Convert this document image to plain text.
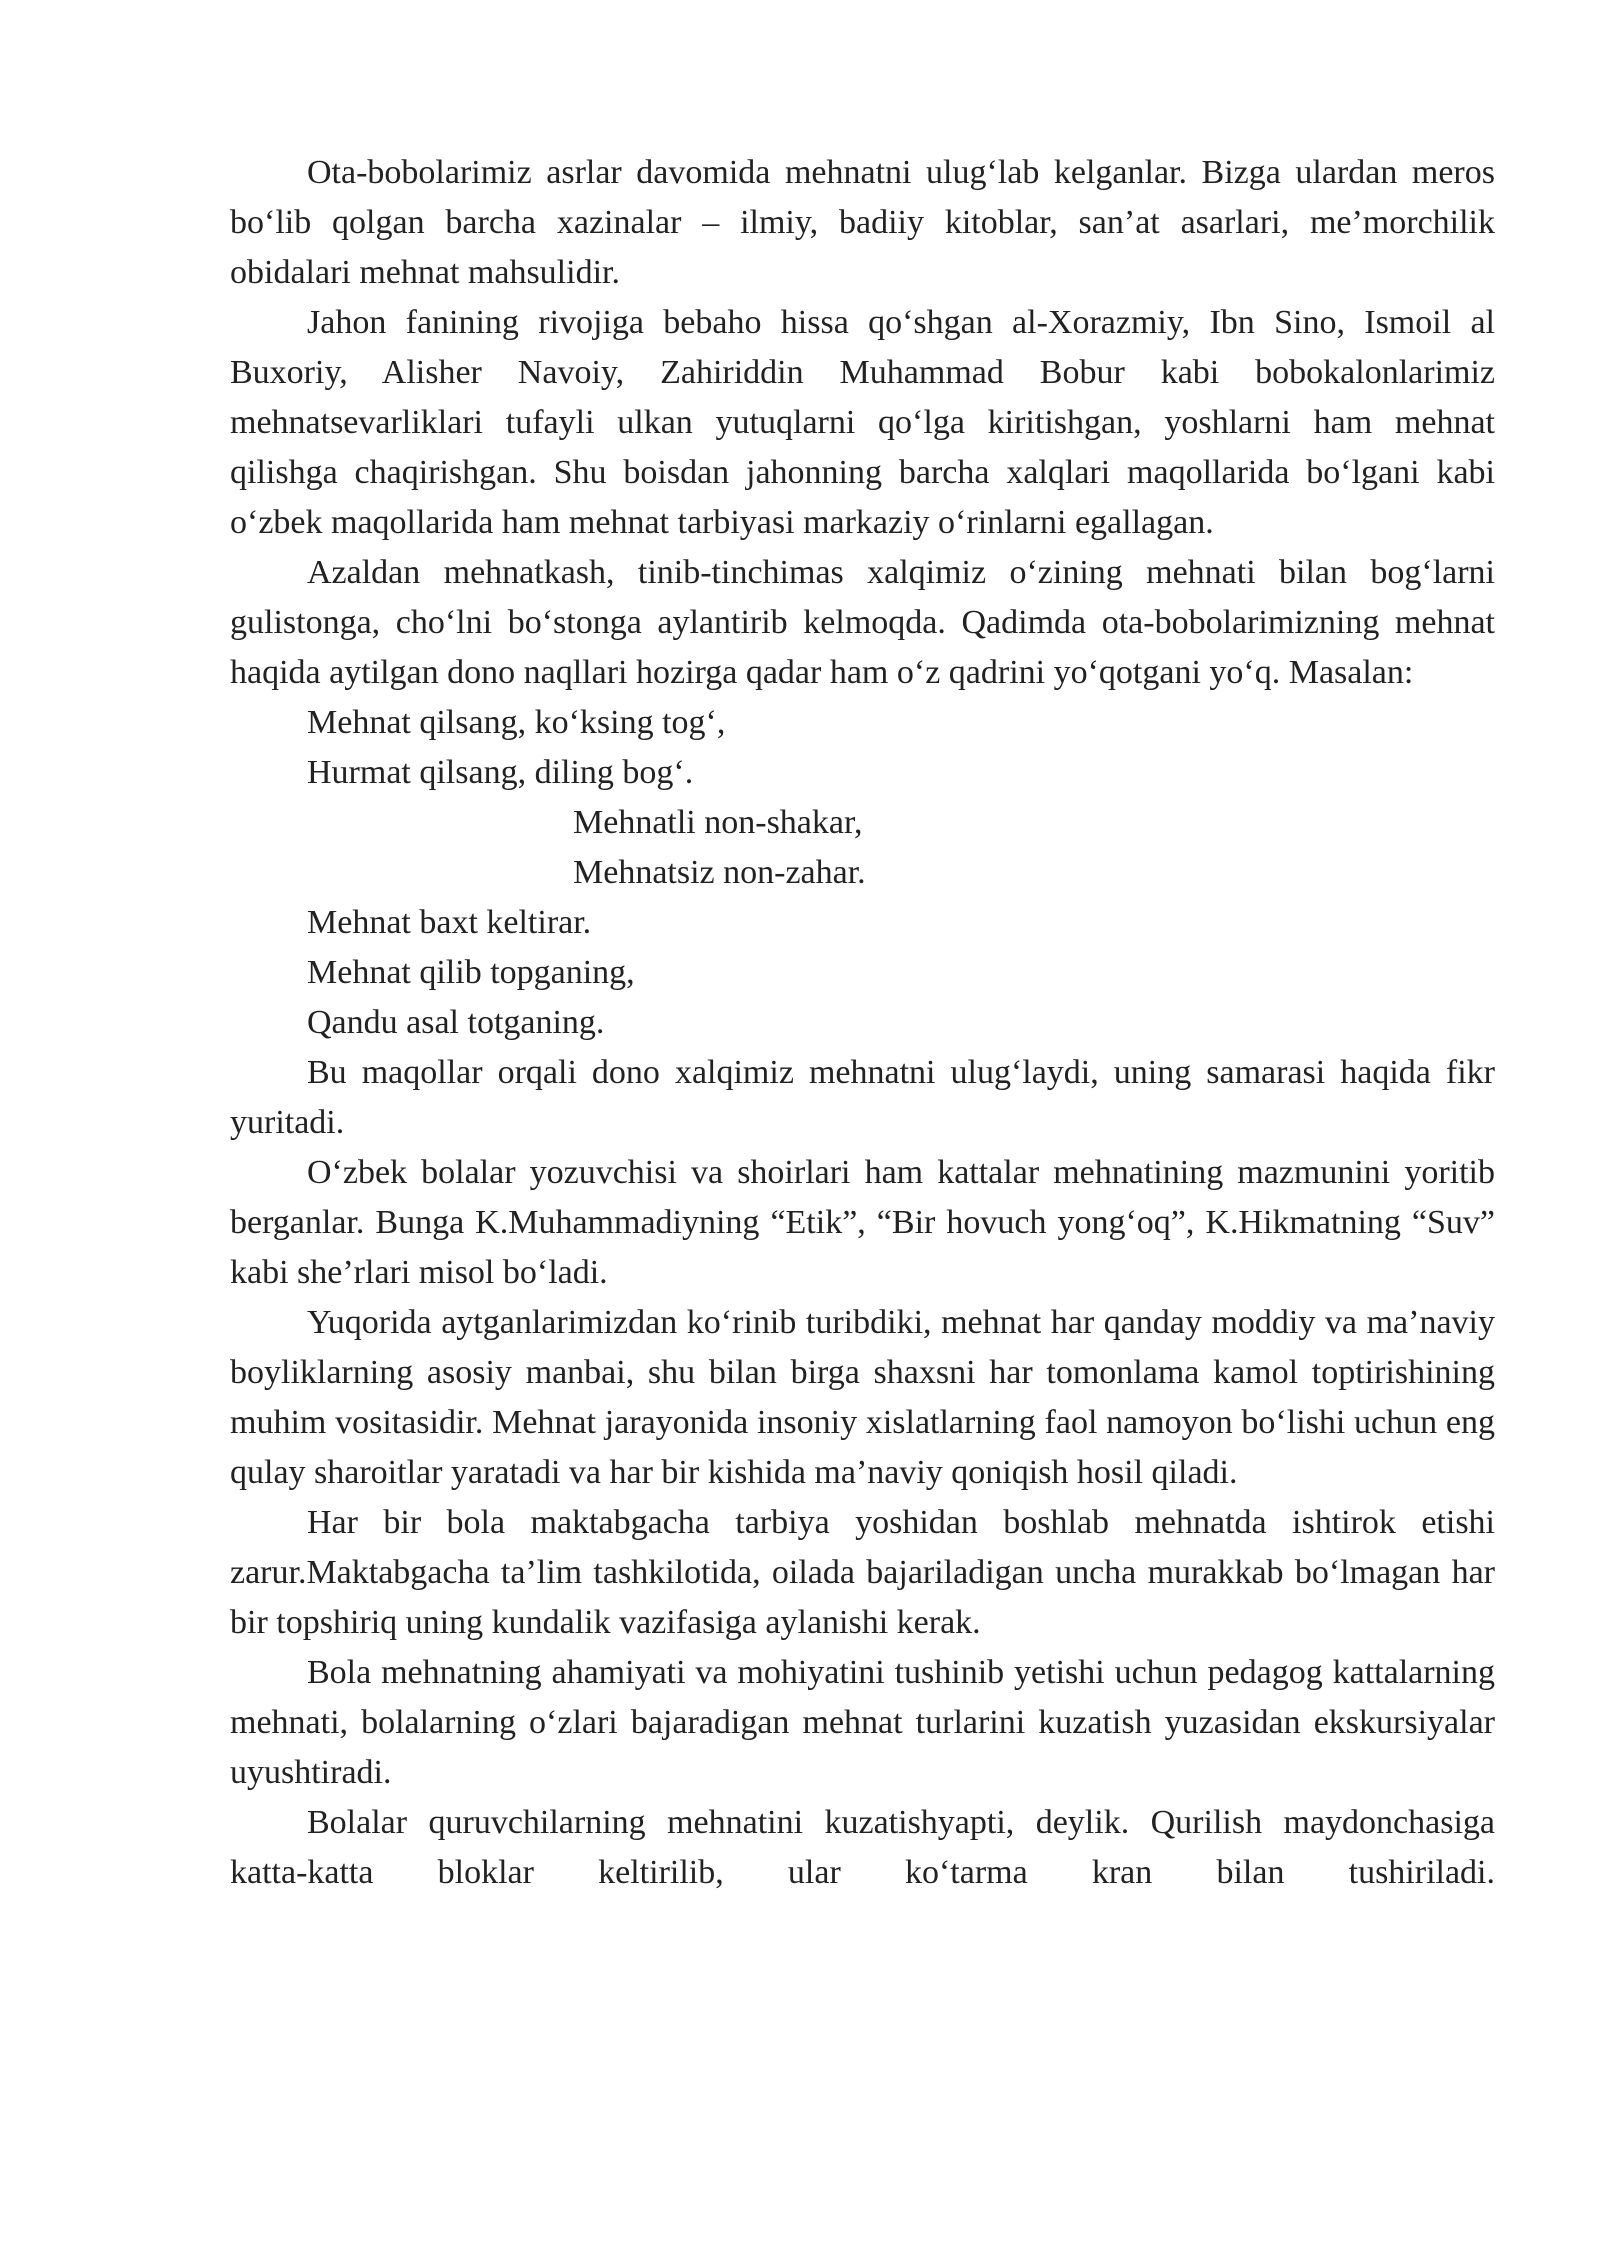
Ota-bobolarimiz asrlar davomida mehnatni ulug‘lab kelganlar. Bizga ulardan meros bo‘lib qolgan barcha xazinalar – ilmiy, badiiy kitoblar, san’at asarlari, me’morchilik obidalari mehnat mahsulidir.

Jahon fanining rivojiga bebaho hissa qo‘shgan al-Xorazmiy, Ibn Sino, Ismoil al Buxoriy, Alisher Navoiy, Zahiriddin Muhammad Bobur kabi bobokalonlarimiz mehnatsevarliklari tufayli ulkan yutuqlarni qo‘lga kiritishgan, yoshlarni ham mehnat qilishga chaqirishgan. Shu boisdan jahonning barcha xalqlari maqollarida bo‘lgani kabi o‘zbek maqollarida ham mehnat tarbiyasi markaziy o‘rinlarni egallagan.

Azaldan mehnatkash, tinib-tinchimas xalqimiz o‘zining mehnati bilan bog‘larni gulistonga, cho‘lni bo‘stonga aylantirib kelmoqda. Qadimda ota-bobolarimizning mehnat haqida aytilgan dono naqllari hozirga qadar ham o‘z qadrini yo‘qotgani yo‘q. Masalan:

Mehnat qilsang, ko‘ksing tog‘,

Hurmat qilsang, diling bog‘.

Mehnatli non-shakar,

Mehnatsiz non-zahar.

Mehnat baxt keltirar.

Mehnat qilib topganing,

Qandu asal totganing.

Bu maqollar orqali dono xalqimiz mehnatni ulug‘laydi, uning samarasi haqida fikr yuritadi.

O‘zbek bolalar yozuvchisi va shoirlari ham kattalar mehnatining mazmunini yoritib berganlar. Bunga K.Muhammadiyning “Etik”, “Bir hovuch yong‘oq”, K.Hikmatning “Suv” kabi she’rlari misol bo‘ladi.

Yuqorida aytganlarimizdan ko‘rinib turibdiki, mehnat har qanday moddiy va ma’naviy boyliklarning asosiy manbai, shu bilan birga shaxsni har tomonlama kamol toptirishining muhim vositasidir. Mehnat jarayonida insoniy xislatlarning faol namoyon bo‘lishi uchun eng qulay sharoitlar yaratadi va har bir kishida ma’naviy qoniqish hosil qiladi.

Har bir bola maktabgacha tarbiya yoshidan boshlab mehnatda ishtirok etishi zarur.Maktabgacha ta’lim tashkilotida, oilada bajariladigan uncha murakkab bo‘lmagan har bir topshiriq uning kundalik vazifasiga aylanishi kerak.

Bola mehnatning ahamiyati va mohiyatini tushinib yetishi uchun pedagog kattalarning mehnati, bolalarning o‘zlari bajaradigan mehnat turlarini kuzatish yuzasidan ekskursiyalar uyushtiradi.

Bolalar quruvchilarning mehnatini kuzatishyapti, deylik. Qurilish maydonchasiga katta-katta bloklar keltirilib, ular ko‘tarma kran bilan tushiriladi.
